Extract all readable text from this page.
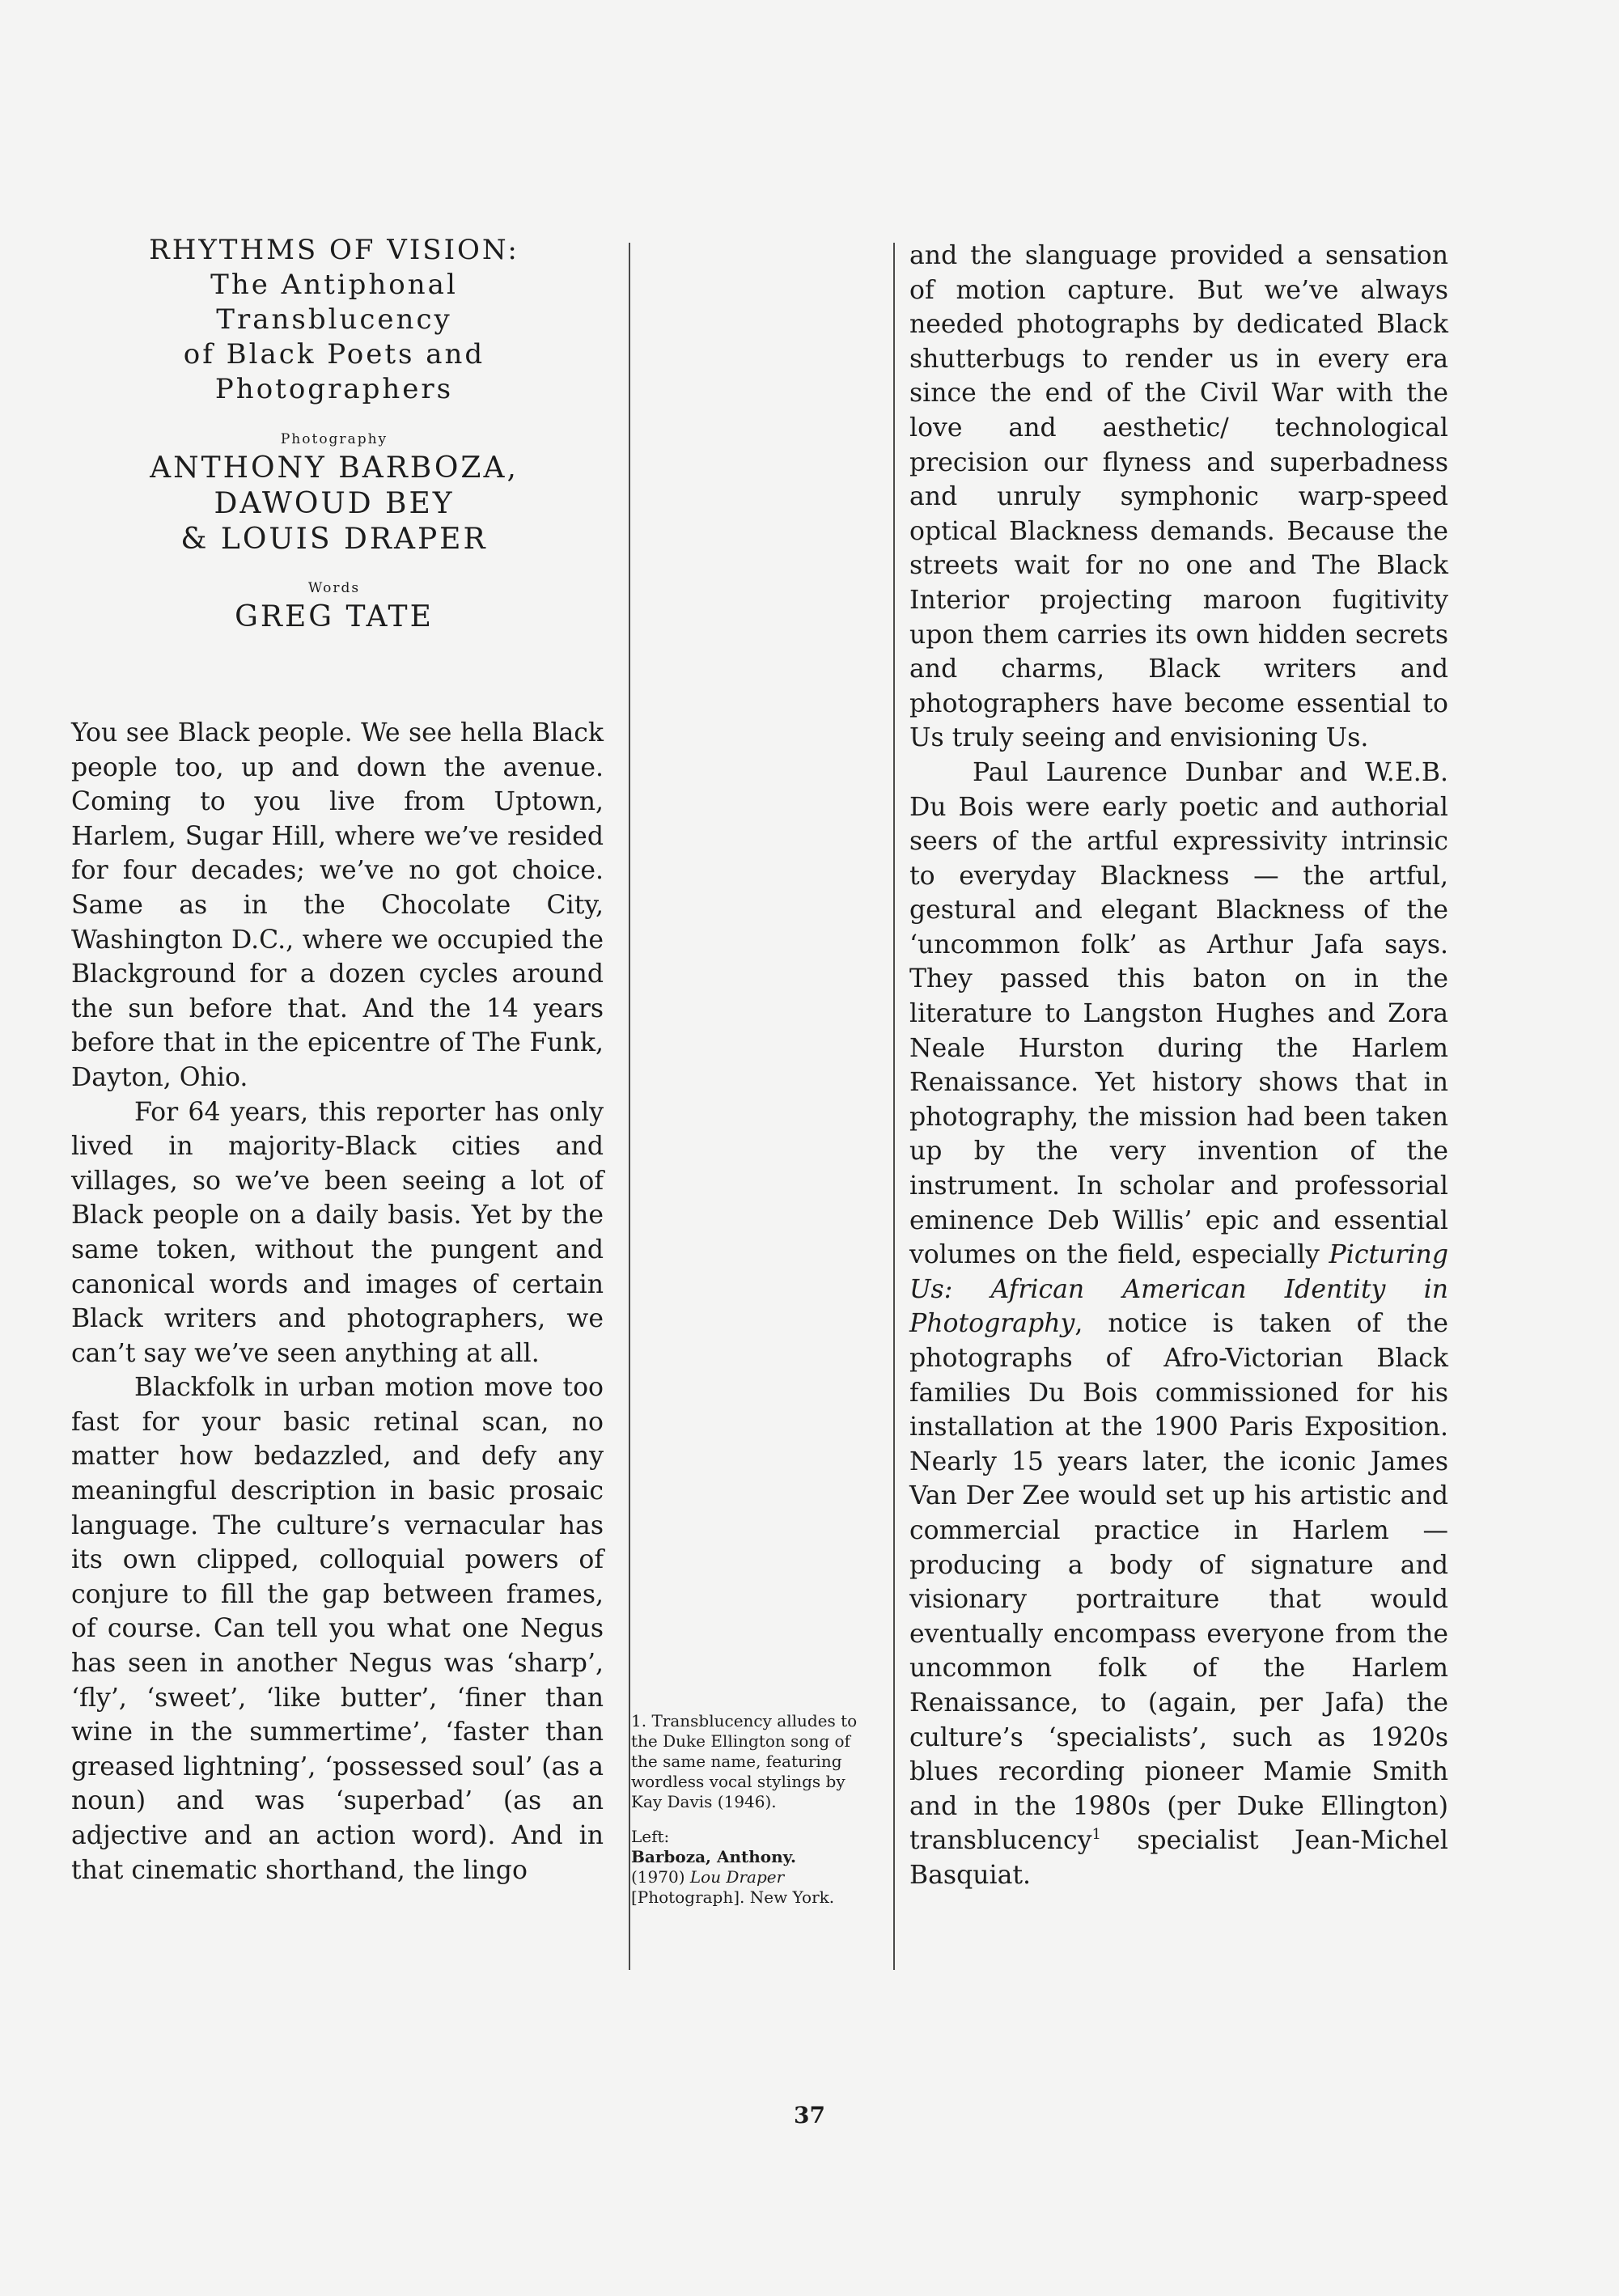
RHYTHMS OF VISION:
The Antiphonal
Transblucency
of Black Poets and
Photographers
Photography
ANTHONY BARBOZA,
DAWOUD BEY
& LOUIS DRAPER
Words
GREG TATE

You see Black people. We see hella Black people too, up and down the avenue. Coming to you live from Uptown, Harlem, Sugar Hill, where we’ve resided for four decades; we’ve no got choice. Same as in the Chocolate City, Washington D.C., where we occupied the Blackground for a dozen cycles around the sun before that. And the 14 years before that in the epicentre of The Funk, Dayton, Ohio.

For 64 years, this reporter has only lived in majority-Black cities and villages, so we’ve been seeing a lot of Black people on a daily basis. Yet by the same token, without the pungent and canonical words and images of certain Black writers and photographers, we can’t say we’ve seen anything at all.

Blackfolk in urban motion move too fast for your basic retinal scan, no matter how bedazzled, and defy any meaningful description in basic prosaic language. The culture’s vernacular has its own clipped, colloquial powers of conjure to fill the gap between frames, of course. Can tell you what one Negus has seen in another Negus was ‘sharp’, ‘fly’, ‘sweet’, ‘like butter’, ‘finer than wine in the summertime’, ‘faster than greased lightning’, ‘possessed soul’ (as a noun) and was ‘superbad’ (as an adjective and an action word). And in that cinematic shorthand, the lingo

and the slanguage provided a sensation of motion capture. But we’ve always needed photographs by dedicated Black shutterbugs to render us in every era since the end of the Civil War with the love and aesthetic/ technological precision our flyness and superbadness and unruly symphonic warp-speed optical Blackness demands. Because the streets wait for no one and The Black Interior projecting maroon fugitivity upon them carries its own hidden secrets and charms, Black writers and photographers have become essential to Us truly seeing and envisioning Us.

Paul Laurence Dunbar and W.E.B. Du Bois were early poetic and authorial seers of the artful expressivity intrinsic to everyday Blackness — the artful, gestural and elegant Blackness of the ‘uncommon folk’ as Arthur Jafa says. They passed this baton on in the literature to Langston Hughes and Zora Neale Hurston during the Harlem Renaissance. Yet history shows that in photography, the mission had been taken up by the very invention of the instrument. In scholar and professorial eminence Deb Willis’ epic and essential volumes on the field, especially Picturing Us: African American Identity in Photography, notice is taken of the photographs of Afro-Victorian Black families Du Bois commissioned for his installation at the 1900 Paris Exposition. Nearly 15 years later, the iconic James Van Der Zee would set up his artistic and commercial practice in Harlem — producing a body of signature and visionary portraiture that would eventually encompass everyone from the uncommon folk of the Harlem Renaissance, to (again, per Jafa) the culture’s ‘specialists’, such as 1920s blues recording pioneer Mamie Smith and in the 1980s (per Duke Ellington) transblucency$^1$ specialist Jean-Michel Basquiat.

1. Transblucency alludes to the Duke Ellington song of the same name, featuring wordless vocal stylings by Kay Davis (1946).

Left:

Barboza, Anthony.
(1970) Lou Draper
[Photograph]. New York.

37
